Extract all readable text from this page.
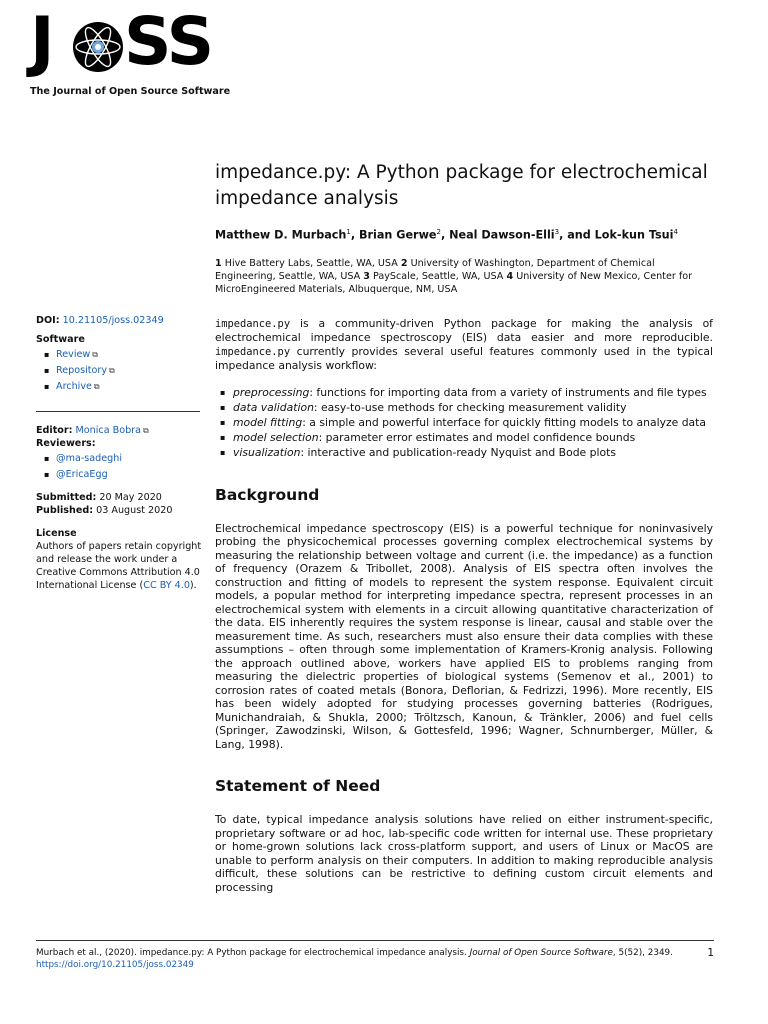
J SS
The Journal of Open Source Software
DOI: 10.21105/joss.02349
Software
▪ Review ⧉
▪ Repository ⧉
▪ Archive ⧉
Editor: Monica Bobra ⧉
Reviewers:
▪ @ma-sadeghi
▪ @EricaEgg
Submitted: 20 May 2020
Published: 03 August 2020
License
Authors of papers retain copyright and release the work under a Creative Commons Attribution 4.0 International License (CC BY 4.0).
impedance.py: A Python package for electrochemical impedance analysis
Matthew D. Murbach$^1$, Brian Gerwe$^2$, Neal Dawson-Elli$^3$, and Lok-kun Tsui$^4$
1 Hive Battery Labs, Seattle, WA, USA 2 University of Washington, Department of Chemical Engineering, Seattle, WA, USA 3 PayScale, Seattle, WA, USA 4 University of New Mexico, Center for MicroEngineered Materials, Albuquerque, NM, USA

impedance.py is a community-driven Python package for making the analysis of electrochemical impedance spectroscopy (EIS) data easier and more reproducible. impedance.py currently provides several useful features commonly used in the typical impedance analysis workflow:

▪ preprocessing: functions for importing data from a variety of instruments and file types
▪ data validation: easy-to-use methods for checking measurement validity
▪ model fitting: a simple and powerful interface for quickly fitting models to analyze data
▪ model selection: parameter error estimates and model confidence bounds
▪ visualization: interactive and publication-ready Nyquist and Bode plots
Background

Electrochemical impedance spectroscopy (EIS) is a powerful technique for noninvasively probing the physicochemical processes governing complex electrochemical systems by measuring the relationship between voltage and current (i.e. the impedance) as a function of frequency (Orazem & Tribollet, 2008). Analysis of EIS spectra often involves the construction and fitting of models to represent the system response. Equivalent circuit models, a popular method for interpreting impedance spectra, represent processes in an electrochemical system with elements in a circuit allowing quantitative characterization of the data. EIS inherently requires the system response is linear, causal and stable over the measurement time. As such, researchers must also ensure their data complies with these assumptions – often through some implementation of Kramers-Kronig analysis. Following the approach outlined above, workers have applied EIS to problems ranging from measuring the dielectric properties of biological systems (Semenov et al., 2001) to corrosion rates of coated metals (Bonora, Deflorian, & Fedrizzi, 1996). More recently, EIS has been widely adopted for studying processes governing batteries (Rodrigues, Munichandraiah, & Shukla, 2000; Tröltzsch, Kanoun, & Tränkler, 2006) and fuel cells (Springer, Zawodzinski, Wilson, & Gottesfeld, 1996; Wagner, Schnurnberger, Müller, & Lang, 1998).

Statement of Need

To date, typical impedance analysis solutions have relied on either instrument-specific, proprietary software or ad hoc, lab-specific code written for internal use. These proprietary or home-grown solutions lack cross-platform support, and users of Linux or MacOS are unable to perform analysis on their computers. In addition to making reproducible analysis difficult, these solutions can be restrictive to defining custom circuit elements and processing

Murbach et al., (2020). impedance.py: A Python package for electrochemical impedance analysis. Journal of Open Source Software, 5(52), 2349. https://doi.org/10.21105/joss.02349
1
